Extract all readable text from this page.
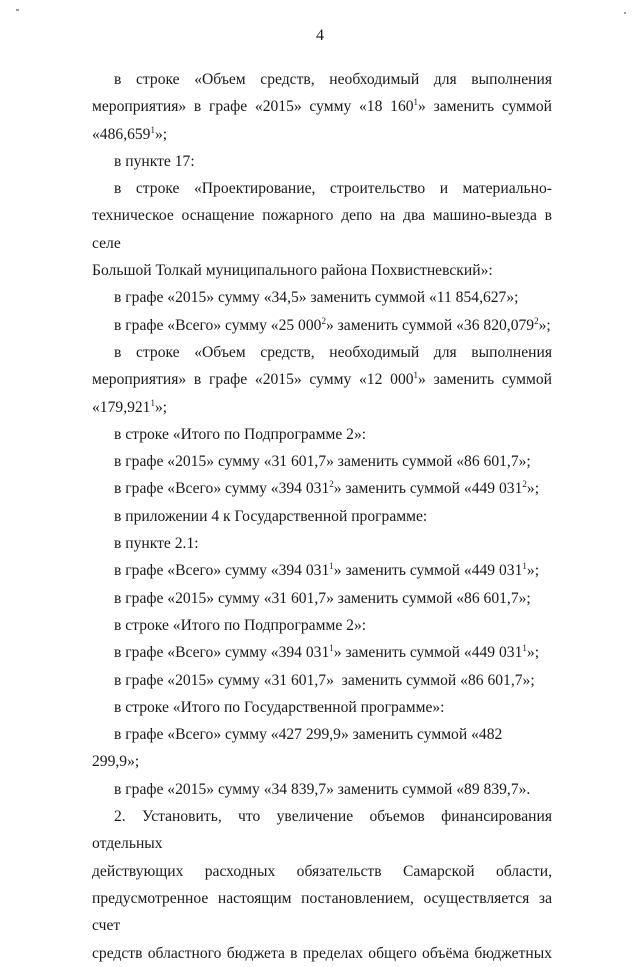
4

в строке «Объем средств, необходимый для выполнения

мероприятия» в графе «2015» сумму «18 $160^1$» заменить суммой

«486,659$^1$»;

в пункте 17:

в строке «Проектирование, строительство и материально-

техническое оснащение пожарного депо на два машино-выезда в селе

Большой Толкай муниципального района Похвистневский»:

в графе «2015» сумму «34,5» заменить суммой «11 854,627»;

в графе «Всего» сумму «25 $000^2$» заменить суммой «36 820,079$^2$»;

в строке «Объем средств, необходимый для выполнения

мероприятия» в графе «2015» сумму «12 $000^1$» заменить суммой

«179,921$^1$»;

в строке «Итого по Подпрограмме 2»:

в графе «2015» сумму «31 601,7» заменить суммой «86 601,7»;

в графе «Всего» сумму «394 $031^2$» заменить суммой «449 $031^2$»;

в приложении 4 к Государственной программе:

в пункте 2.1:

в графе «Всего» сумму «394 $031^1$» заменить суммой «449 $031^1$»;

в графе «2015» сумму «31 601,7» заменить суммой «86 601,7»;

в строке «Итого по Подпрограмме 2»:

в графе «Всего» сумму «394 $031^1$» заменить суммой «449 $031^1$»;

в графе «2015» сумму «31 601,7»  заменить суммой «86 601,7»;

в строке «Итого по Государственной программе»:

в графе «Всего» сумму «427 299,9» заменить суммой «482 299,9»;

в графе «2015» сумму «34 839,7» заменить суммой «89 839,7».

2. Установить, что увеличение объемов финансирования отдельных

действующих расходных обязательств Самарской области,

предусмотренное настоящим постановлением, осуществляется за счет

средств областного бюджета в пределах общего объёма бюджетных
